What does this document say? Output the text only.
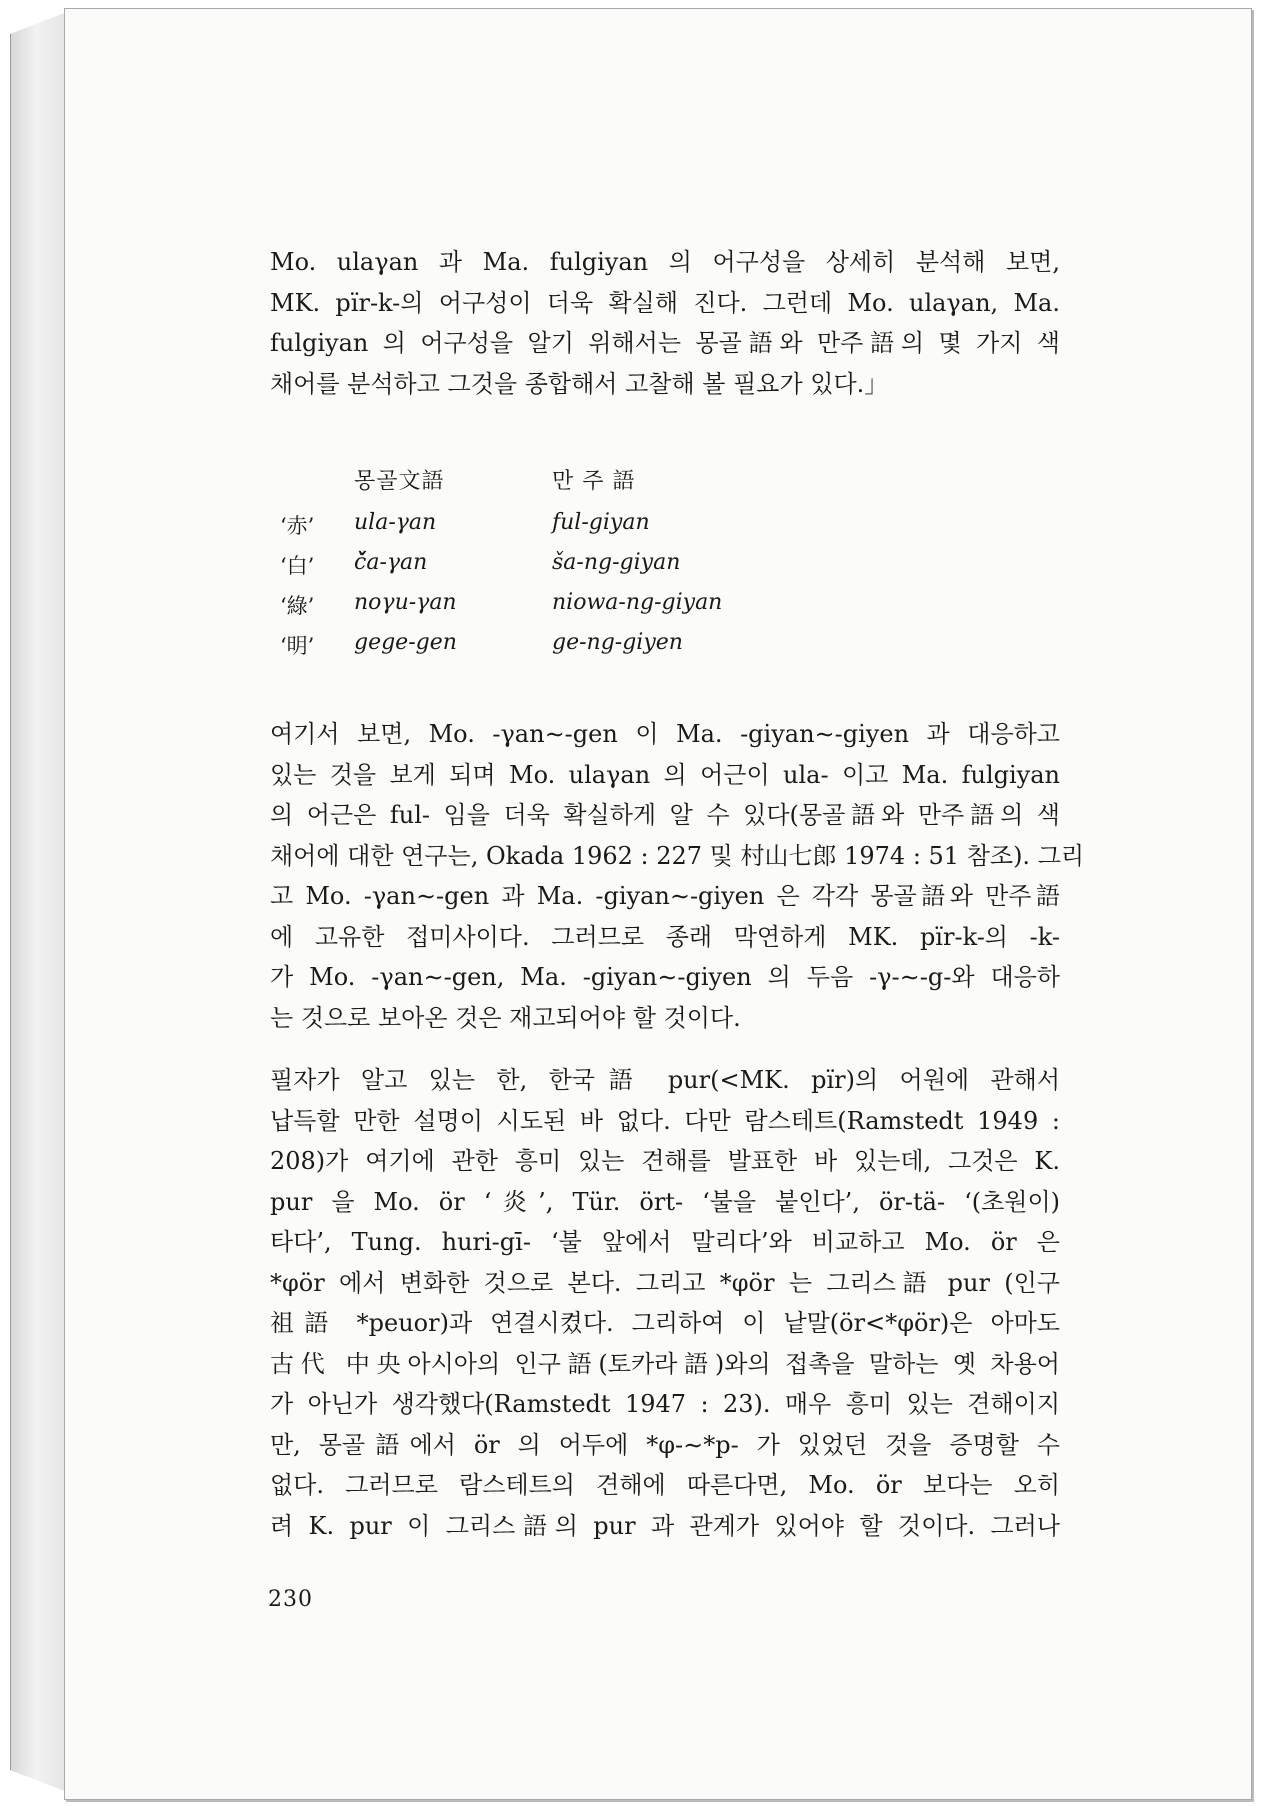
Mo. ulaγan 과 Ma. fulgiyan 의 어구성을 상세히 분석해 보면,
MK. pïr-k-의 어구성이 더욱 확실해 진다. 그런데 Mo. ulaγan, Ma.
fulgiyan 의 어구성을 알기 위해서는 몽골語와 만주語의 몇 가지 색
채어를 분석하고 그것을 종합해서 고찰해 볼 필요가 있다.」

몽골文語	만 주 語
‘赤’ ula-γan	ful-giyan
‘白’ č̌a-γan	ša-ng-giyan
‘綠’ noγu-γan	niowa-ng-giyan
‘明’ gege-gen	ge-ng-giyen

여기서 보면, Mo. -γan∼-gen 이 Ma. -giyan∼-giyen 과 대응하고
있는 것을 보게 되며 Mo. ulaγan 의 어근이 ula- 이고 Ma. fulgiyan
의 어근은 ful- 임을 더욱 확실하게 알 수 있다(몽골語와 만주語의 색
채어에 대한 연구는, Okada 1962 : 227 및 村山七郎 1974 : 51 참조). 그리
고 Mo. -γan∼-gen 과 Ma. -giyan∼-giyen 은 각각 몽골語와 만주語
에 고유한 접미사이다. 그러므로 종래 막연하게 MK. pïr-k-의 -k-
가 Mo. -γan∼-gen, Ma. -giyan∼-giyen 의 두음 -γ-∼-g-와 대응하
는 것으로 보아온 것은 재고되어야 할 것이다.

필자가 알고 있는 한, 한국語 pur(<MK. pïr)의 어원에 관해서
납득할 만한 설명이 시도된 바 없다. 다만 람스테트(Ramstedt 1949 :
208)가 여기에 관한 흥미 있는 견해를 발표한 바 있는데, 그것은 K.
pur 을 Mo. ör ‘炎’, Tür. ört- ‘불을 붙인다’, ör-tä- ‘(초원이)
타다’, Tung. huri-gī- ‘불 앞에서 말리다’와 비교하고 Mo. ör 은
*φör 에서 변화한 것으로 본다. 그리고 *φör 는 그리스語 pur (인구
祖語 *peuor)과 연결시켰다. 그리하여 이 낱말(ör<*φör)은 아마도
古代 中央아시아의 인구語(토카라語)와의 접촉을 말하는 옛 차용어
가 아닌가 생각했다(Ramstedt 1947 : 23). 매우 흥미 있는 견해이지
만, 몽골語에서 ör 의 어두에 *φ-∼*p- 가 있었던 것을 증명할 수
없다. 그러므로 람스테트의 견해에 따른다면, Mo. ör 보다는 오히
려 K. pur 이 그리스語의 pur 과 관계가 있어야 할 것이다. 그러나

230
